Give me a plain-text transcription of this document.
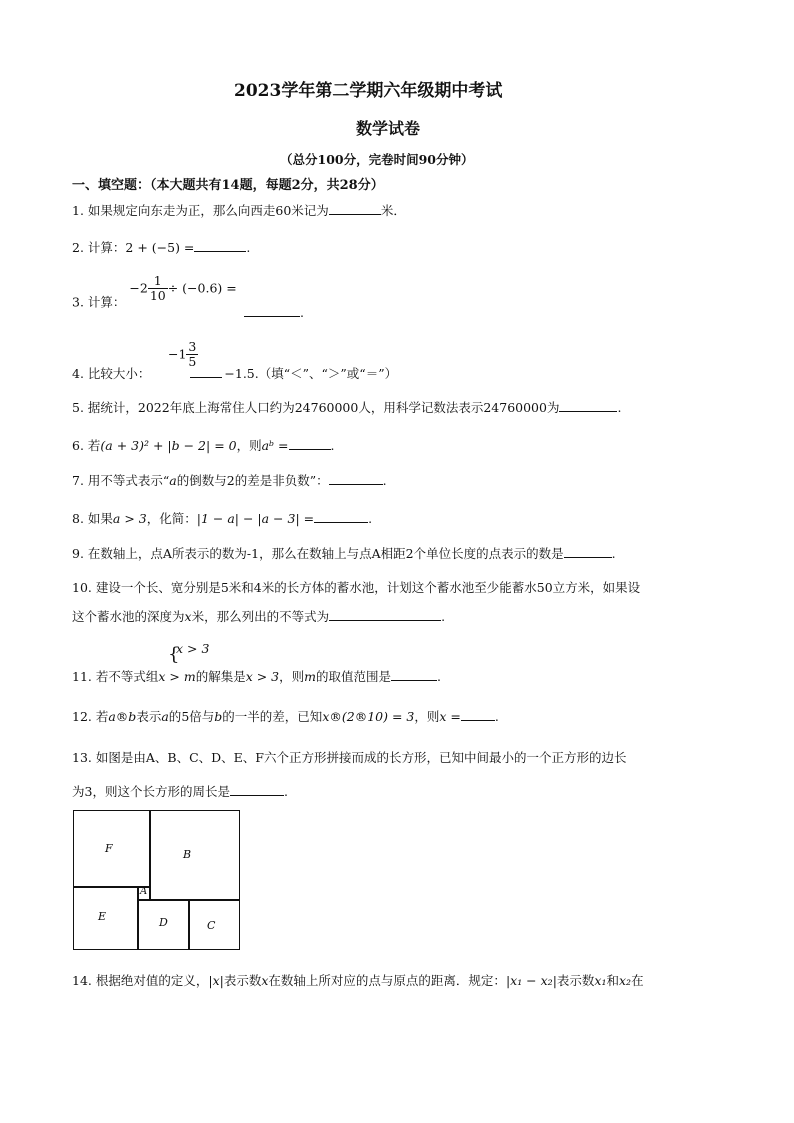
2023学年第二学期六年级期中考试
数学试卷
（总分100分，完卷时间90分钟）
一、填空题：（本大题共有14题，每题2分，共28分）
1. 如果规定向东走为正，那么向西走60米记为	米．
2. 计算：2 + (−5) =	.
3. 计算： $-2 \frac{1}{10} \div (-0.6)$ =
.
$-1 \frac{3}{5}$
4. 比较大小：	−1.5.（填“＜”、“＞”或“＝”）
5. 据统计，2022年底上海常住人口约为24760000人，用科学记数法表示24760000为	.
6. 若(a + 3)² + |b − 2| = 0，则aᵇ =	.
7. 用不等式表示“a的倒数与2的差是非负数”：	.
8. 如果a > 3，化简：|1 − a| − |a − 3| =	.
9. 在数轴上，点A所表示的数为-1，那么在数轴上与点A相距2个单位长度的点表示的数是	.
10. 建设一个长、宽分别是5米和4米的长方体的蓄水池，计划这个蓄水池至少能蓄水50立方米，如果设
这个蓄水池的深度为x米，那么列出的不等式为	.
{
x > 3
11. 若不等式组x > m的解集是x > 3，则m的取值范围是	.
12. 若a®b表示a的5倍与b的一半的差，已知x®(2®10) = 3，则x =	.
13. 如图是由A、B、C、D、E、F六个正方形拼接而成的长方形，已知中间最小的一个正方形的边长
为3，则这个长方形的周长是	.
F	B
A
E	D	C
14. 根据绝对值的定义，|x|表示数x在数轴上所对应的点与原点的距离．规定：|x₁ − x₂|表示数x₁和x₂在
